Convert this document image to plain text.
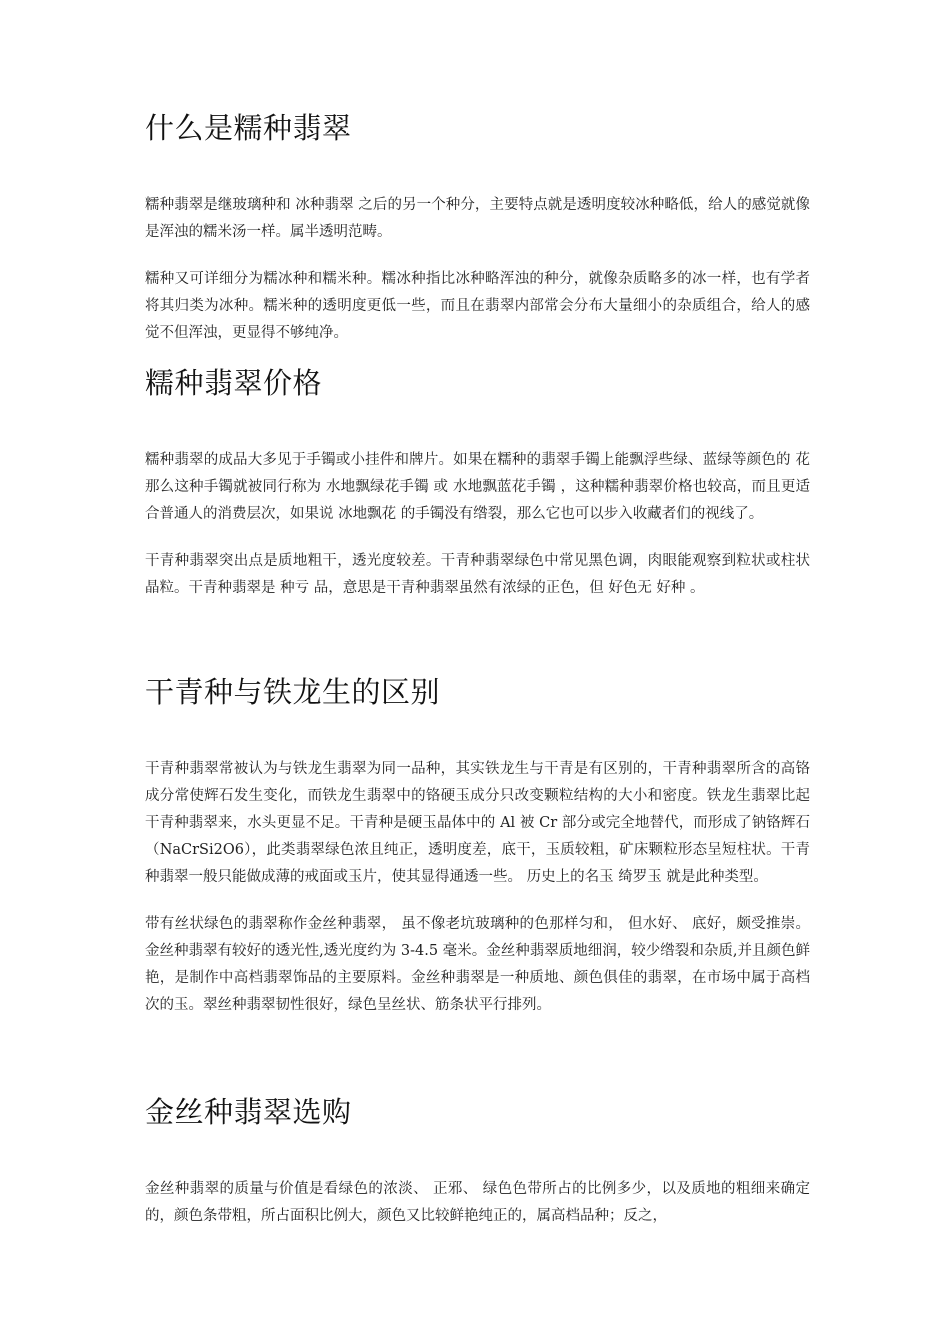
什么是糯种翡翠

糯种翡翠是继玻璃种和 冰种翡翠 之后的另一个种分，主要特点就是透明度较冰种略低，给人的感觉就像是浑浊的糯米汤一样。属半透明范畴。

糯种又可详细分为糯冰种和糯米种。糯冰种指比冰种略浑浊的种分，就像杂质略多的冰一样，也有学者将其归类为冰种。糯米种的透明度更低一些，而且在翡翠内部常会分布大量细小的杂质组合，给人的感觉不但浑浊，更显得不够纯净。

糯种翡翠价格

糯种翡翠的成品大多见于手镯或小挂件和牌片。如果在糯种的翡翠手镯上能飘浮些绿、蓝绿等颜色的 花 那么这种手镯就被同行称为 水地飘绿花手镯 或 水地飘蓝花手镯 ，这种糯种翡翠价格也较高，而且更适合普通人的消费层次，如果说 冰地飘花 的手镯没有绺裂，那么它也可以步入收藏者们的视线了。

干青种翡翠突出点是质地粗干，透光度较差。干青种翡翠绿色中常见黑色调，肉眼能观察到粒状或柱状晶粒。干青种翡翠是 种亏 品，意思是干青种翡翠虽然有浓绿的正色，但 好色无 好种 。

干青种与铁龙生的区别

干青种翡翠常被认为与铁龙生翡翠为同一品种，其实铁龙生与干青是有区别的，干青种翡翠所含的高铬成分常使辉石发生变化，而铁龙生翡翠中的铬硬玉成分只改变颗粒结构的大小和密度。铁龙生翡翠比起干青种翡翠来，水头更显不足。干青种是硬玉晶体中的 Al 被 Cr 部分或完全地替代，而形成了钠铬辉石（NaCrSi2O6），此类翡翠绿色浓且纯正，透明度差，底干，玉质较粗，矿床颗粒形态呈短柱状。干青种翡翠一般只能做成薄的戒面或玉片，使其显得通透一些。 历史上的名玉 绮罗玉 就是此种类型。

带有丝状绿色的翡翠称作金丝种翡翠， 虽不像老坑玻璃种的色那样匀和， 但水好、 底好，颇受推崇。金丝种翡翠有较好的透光性,透光度约为 3-4.5 毫米。金丝种翡翠质地细润，较少绺裂和杂质,并且颜色鲜艳，是制作中高档翡翠饰品的主要原料。金丝种翡翠是一种质地、颜色俱佳的翡翠，在市场中属于高档次的玉。翠丝种翡翠韧性很好，绿色呈丝状、筋条状平行排列。

金丝种翡翠选购

金丝种翡翠的质量与价值是看绿色的浓淡、 正邪、 绿色色带所占的比例多少，以及质地的粗细来确定的，颜色条带粗，所占面积比例大，颜色又比较鲜艳纯正的，属高档品种；反之，
